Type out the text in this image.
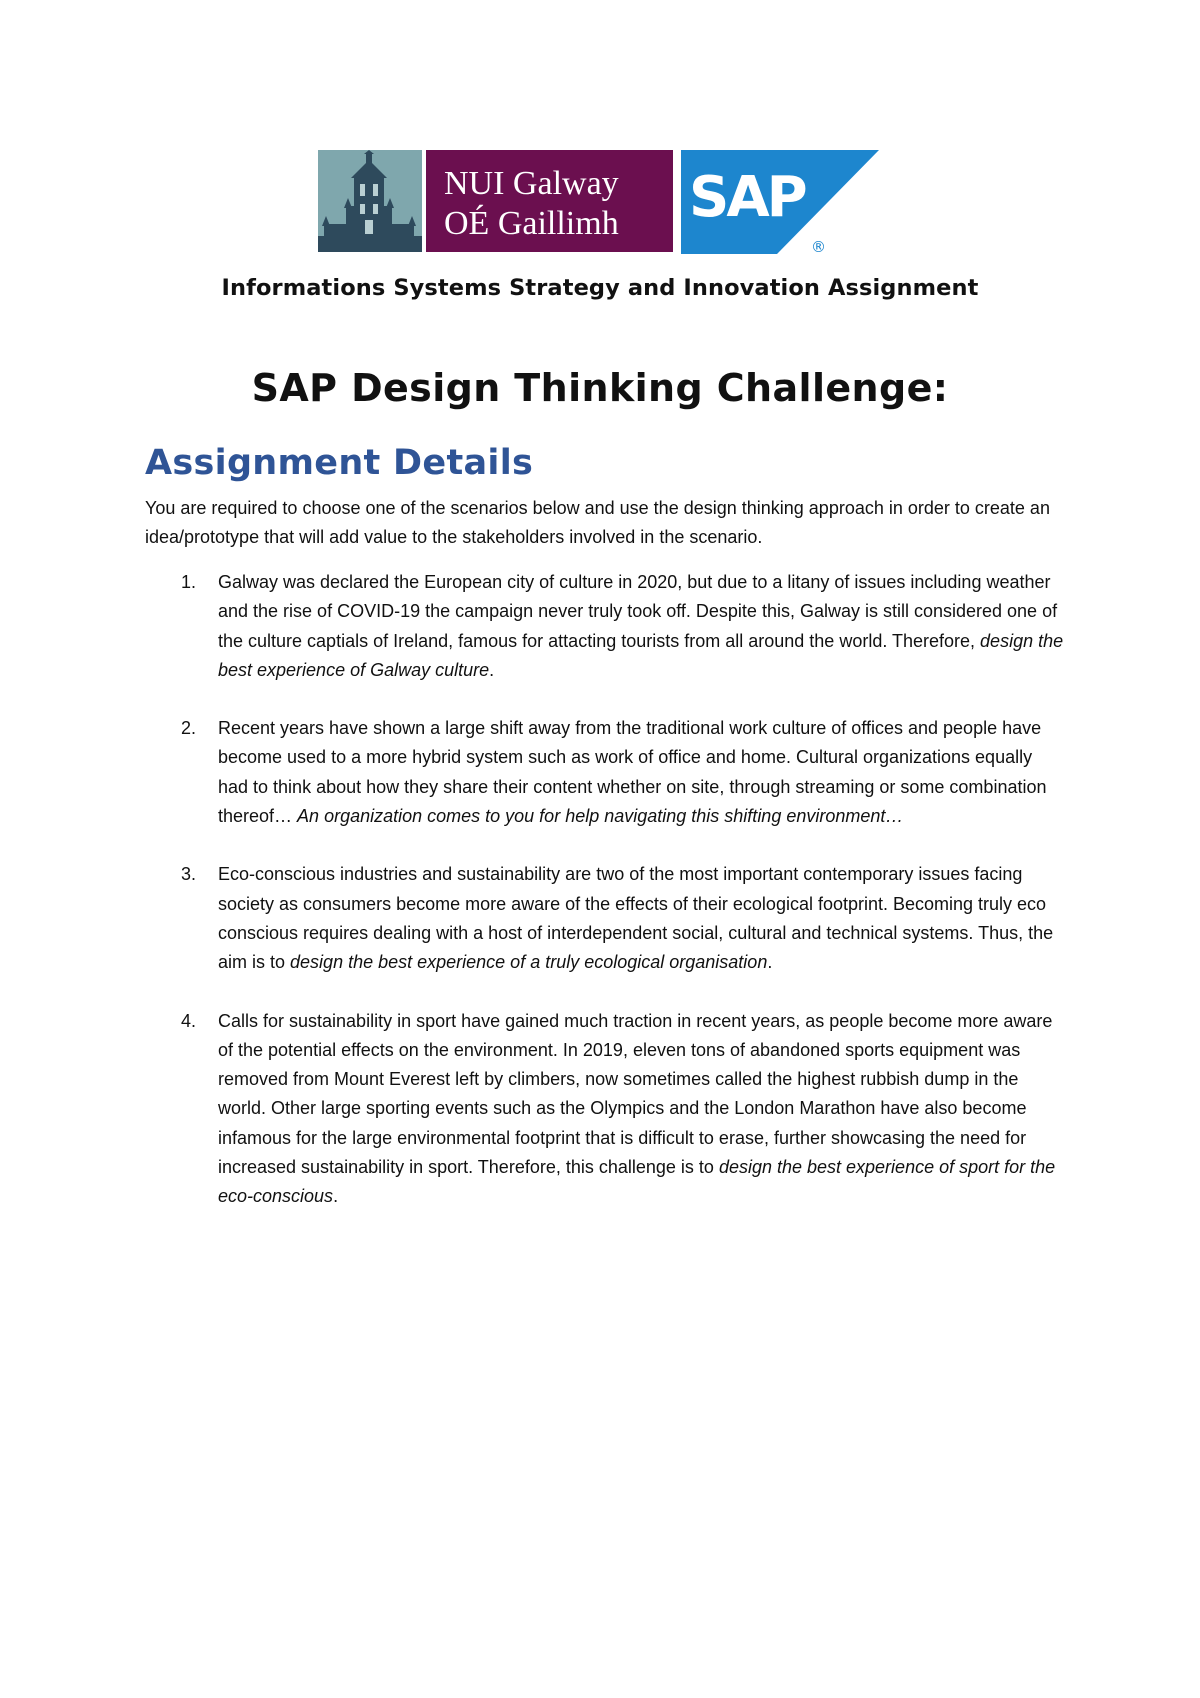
NUI Galway
OÉ Gaillimh SAP
®
Informations Systems Strategy and Innovation Assignment
SAP Design Thinking Challenge:
Assignment Details

You are required to choose one of the scenarios below and use the design thinking approach in order to create an idea/prototype that will add value to the stakeholders involved in the scenario.

1. Galway was declared the European city of culture in 2020, but due to a litany of issues including weather and the rise of COVID-19 the campaign never truly took off. Despite this, Galway is still considered one of the culture captials of Ireland, famous for attacting tourists from all around the world. Therefore, design the best experience of Galway culture.
2. Recent years have shown a large shift away from the traditional work culture of offices and people have become used to a more hybrid system such as work of office and home. Cultural organizations equally had to think about how they share their content whether on site, through streaming or some combination thereof… An organization comes to you for help navigating this shifting environment…
3. Eco-conscious industries and sustainability are two of the most important contemporary issues facing society as consumers become more aware of the effects of their ecological footprint. Becoming truly eco conscious requires dealing with a host of interdependent social, cultural and technical systems. Thus, the aim is to design the best experience of a truly ecological organisation.
4. Calls for sustainability in sport have gained much traction in recent years, as people become more aware of the potential effects on the environment. In 2019, eleven tons of abandoned sports equipment was removed from Mount Everest left by climbers, now sometimes called the highest rubbish dump in the world. Other large sporting events such as the Olympics and the London Marathon have also become infamous for the large environmental footprint that is difficult to erase, further showcasing the need for increased sustainability in sport. Therefore, this challenge is to design the best experience of sport for the eco-conscious.
